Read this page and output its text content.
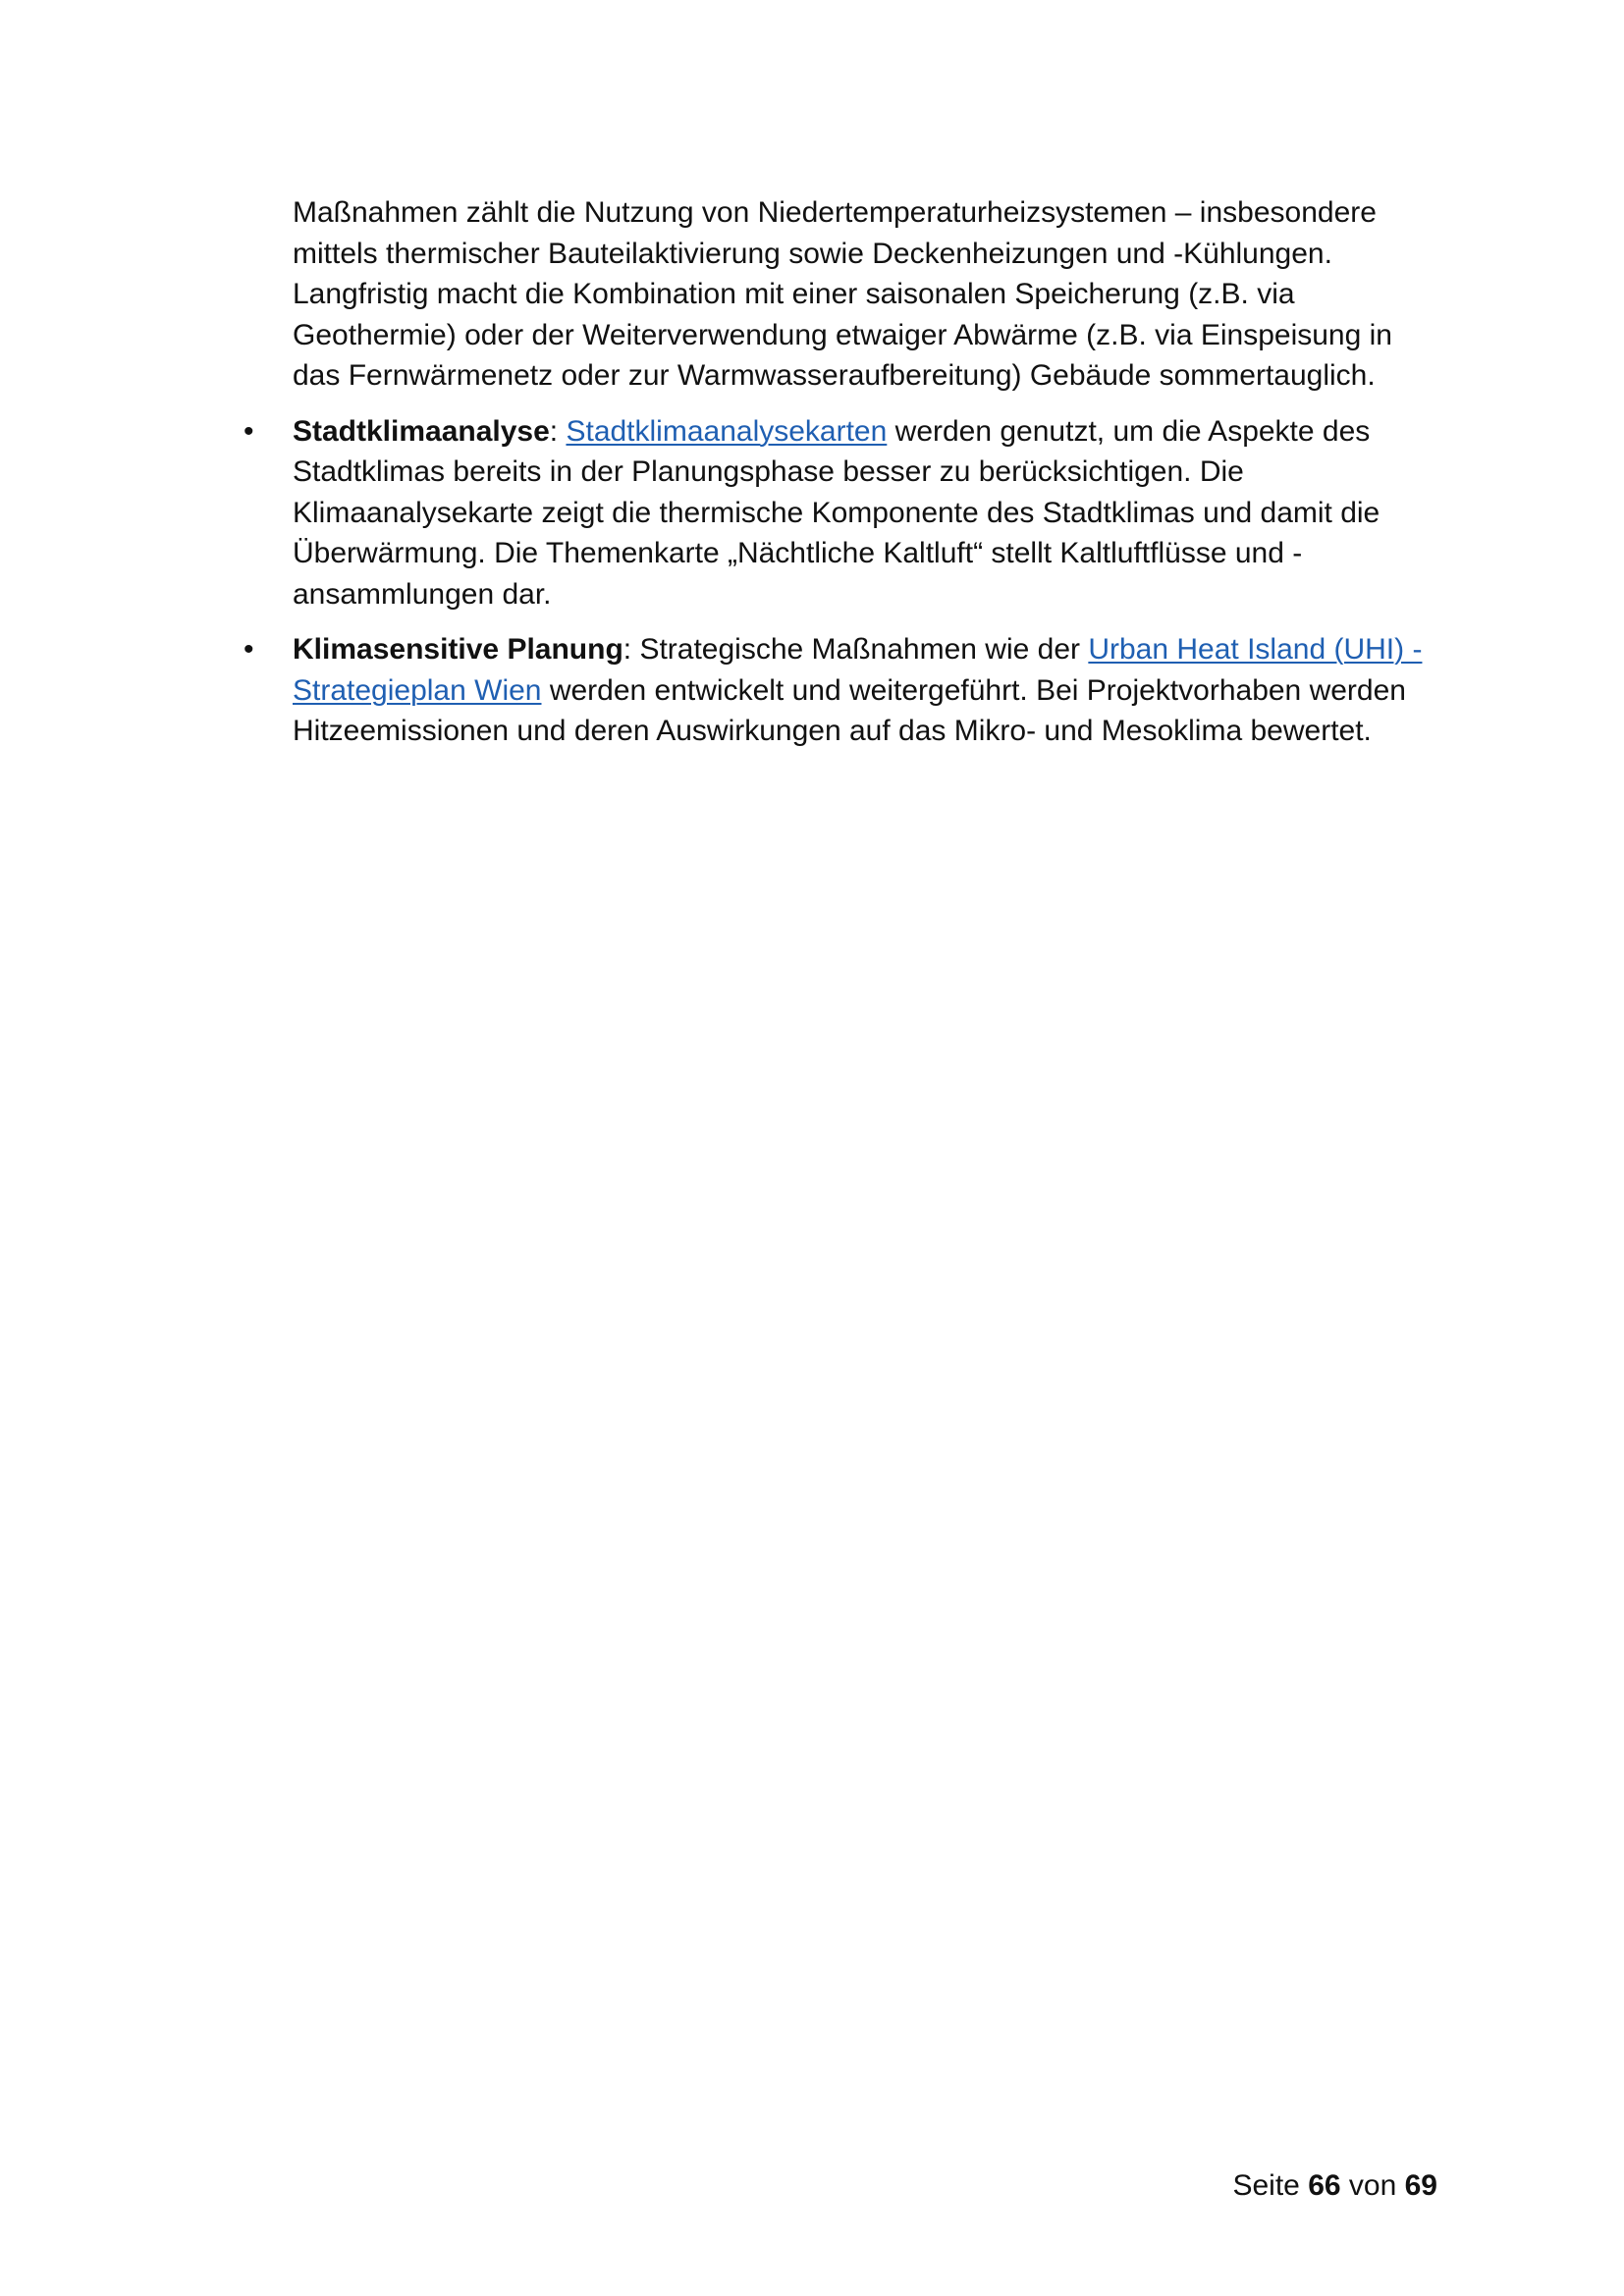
Maßnahmen zählt die Nutzung von Niedertemperaturheizsystemen – insbesondere
mittels thermischer Bauteilaktivierung sowie Deckenheizungen und -Kühlungen.
Langfristig macht die Kombination mit einer saisonalen Speicherung (z.B. via
Geothermie) oder der Weiterverwendung etwaiger Abwärme (z.B. via Einspeisung in
das Fernwärmenetz oder zur Warmwasseraufbereitung) Gebäude sommertauglich.

•	Stadtklimaanalyse: Stadtklimaanalysekarten werden genutzt, um die Aspekte des
Stadtklimas bereits in der Planungsphase besser zu berücksichtigen. Die
Klimaanalysekarte zeigt die thermische Komponente des Stadtklimas und damit die
Überwärmung. Die Themenkarte „Nächtliche Kaltluft“ stellt Kaltluftflüsse und -
ansammlungen dar.
•	Klimasensitive Planung: Strategische Maßnahmen wie der Urban Heat Island (UHI) -
Strategieplan Wien werden entwickelt und weitergeführt. Bei Projektvorhaben werden
Hitzeemissionen und deren Auswirkungen auf das Mikro- und Mesoklima bewertet.
Seite 66 von 69
